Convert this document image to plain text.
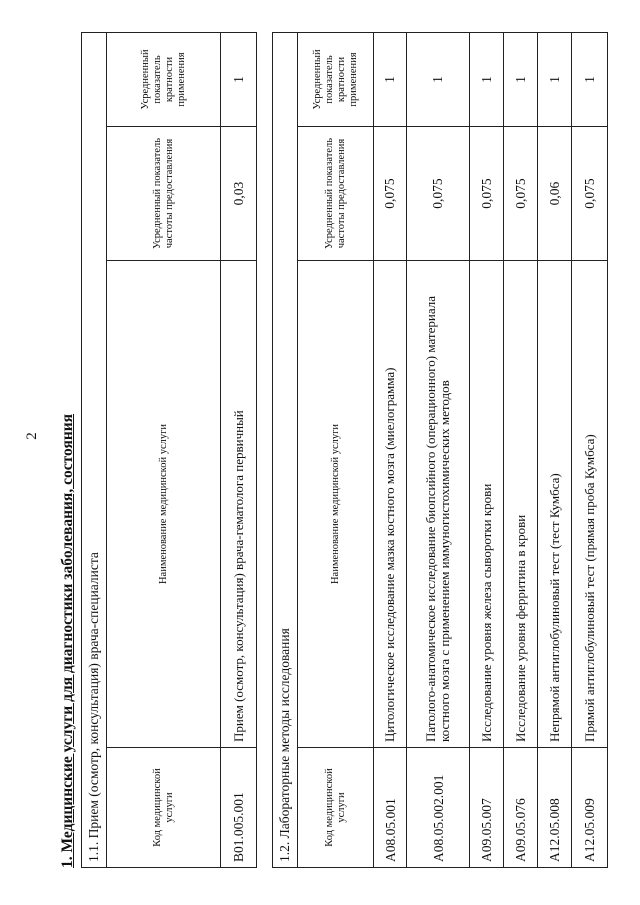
2 1. Медицинские услуги для диагностики заболевания, состояния 1.1. Прием (осмотр, консультация) врача-специалиста			
Код медицинской услуги	Наименование медицинской услуги	Усредненный показатель частоты предоставления	Усредненный показатель кратности применения
B01.005.001	Прием (осмотр, консультация) врача-гематолога первичный	0,03	1
1.2. Лабораторные методы исследования			
Код медицинской услуги	Наименование медицинской услуги	Усредненный показатель частоты предоставления	Усредненный показатель кратности применения
A08.05.001	Цитологическое исследование мазка костного мозга (миелограмма)	0,075	1
A08.05.002.001	Патолого-анатомическое исследование биопсийного (операционного) материала костного мозга с применением иммуногистохимических методов	0,075	1
A09.05.007	Исследование уровня железа сыворотки крови	0,075	1
A09.05.076	Исследование уровня ферритина в крови	0,075	1
A12.05.008	Непрямой антиглобулиновый тест (тест Кумбса)	0,06	1
A12.05.009	Прямой антиглобулиновый тест (прямая проба Кумбса)	0,075	1
